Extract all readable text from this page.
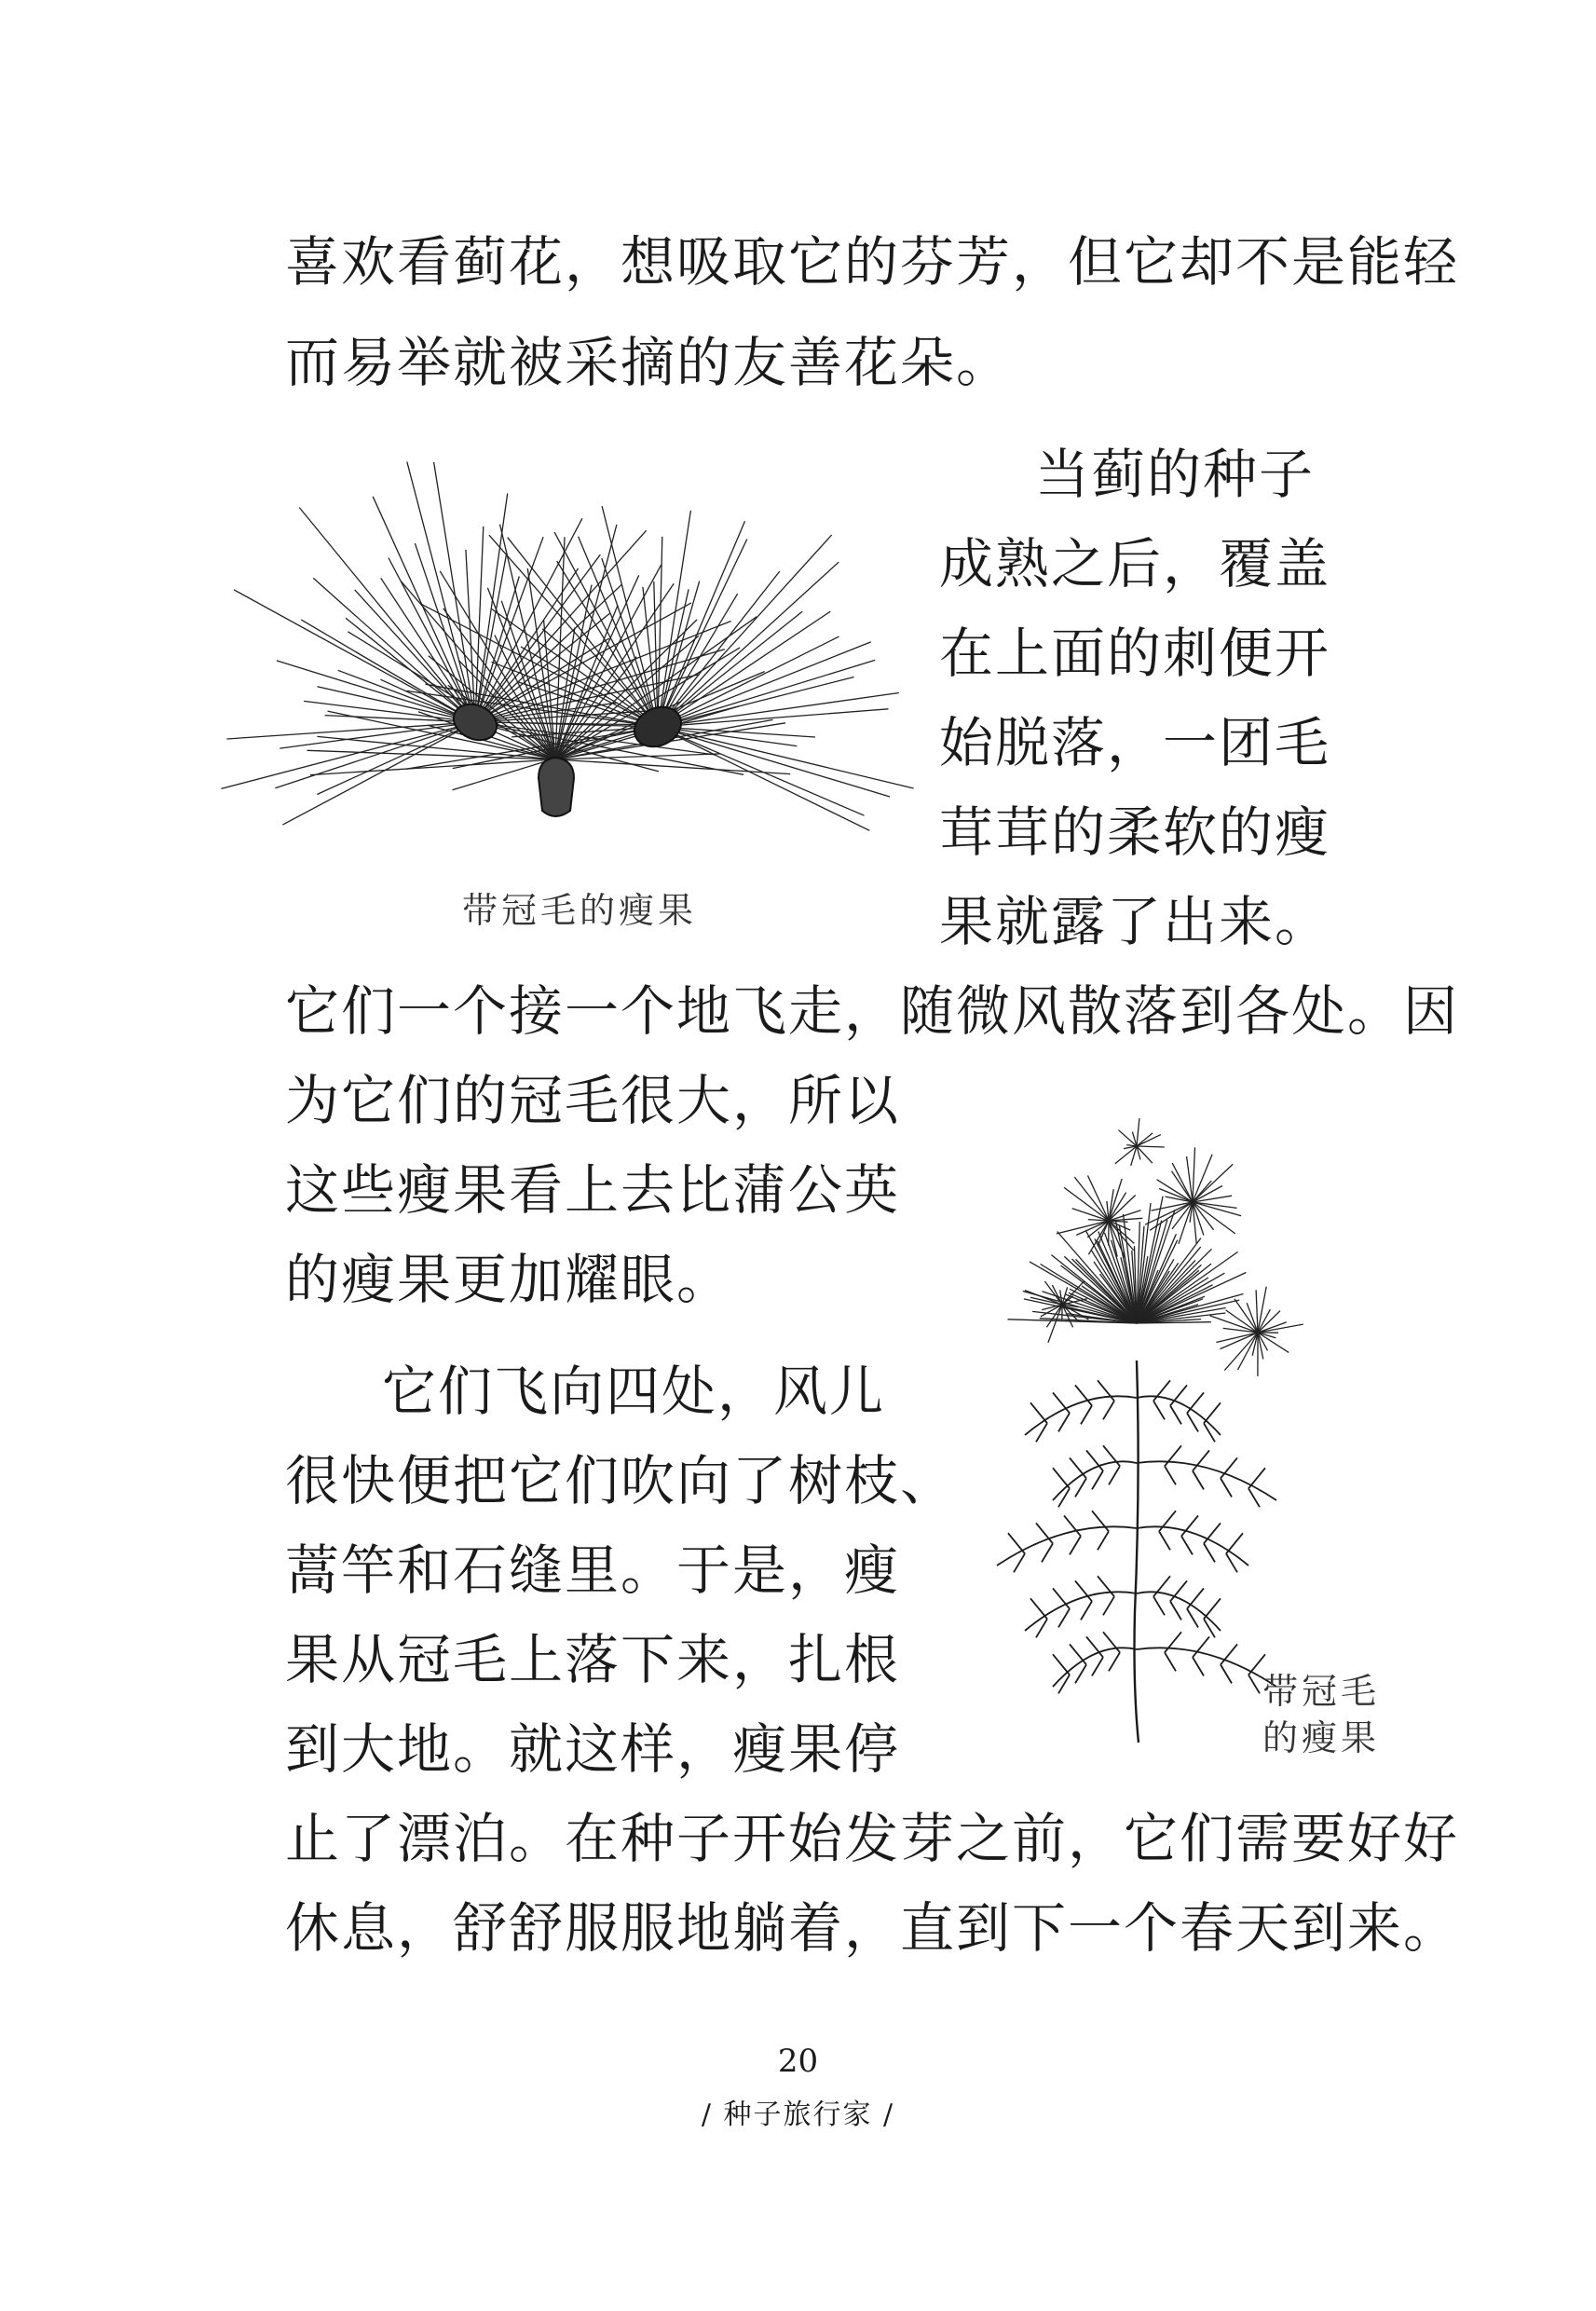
喜欢看蓟花，想吸取它的芬芳，但它却不是能轻
而易举就被采摘的友善花朵。
当蓟的种子
成熟之后，覆盖
在上面的刺便开
始脱落，一团毛
茸茸的柔软的瘦
果就露了出来。
它们一个接一个地飞走，随微风散落到各处。因
为它们的冠毛很大，所以
这些瘦果看上去比蒲公英
的瘦果更加耀眼。
它们飞向四处，风儿
很快便把它们吹向了树枝、
蒿竿和石缝里。于是，瘦
果从冠毛上落下来，扎根
到大地。就这样，瘦果停
止了漂泊。在种子开始发芽之前，它们需要好好
休息，舒舒服服地躺着，直到下一个春天到来。
带冠毛的瘦果
带冠毛
的瘦果
20
/ 种子旅行家 /
